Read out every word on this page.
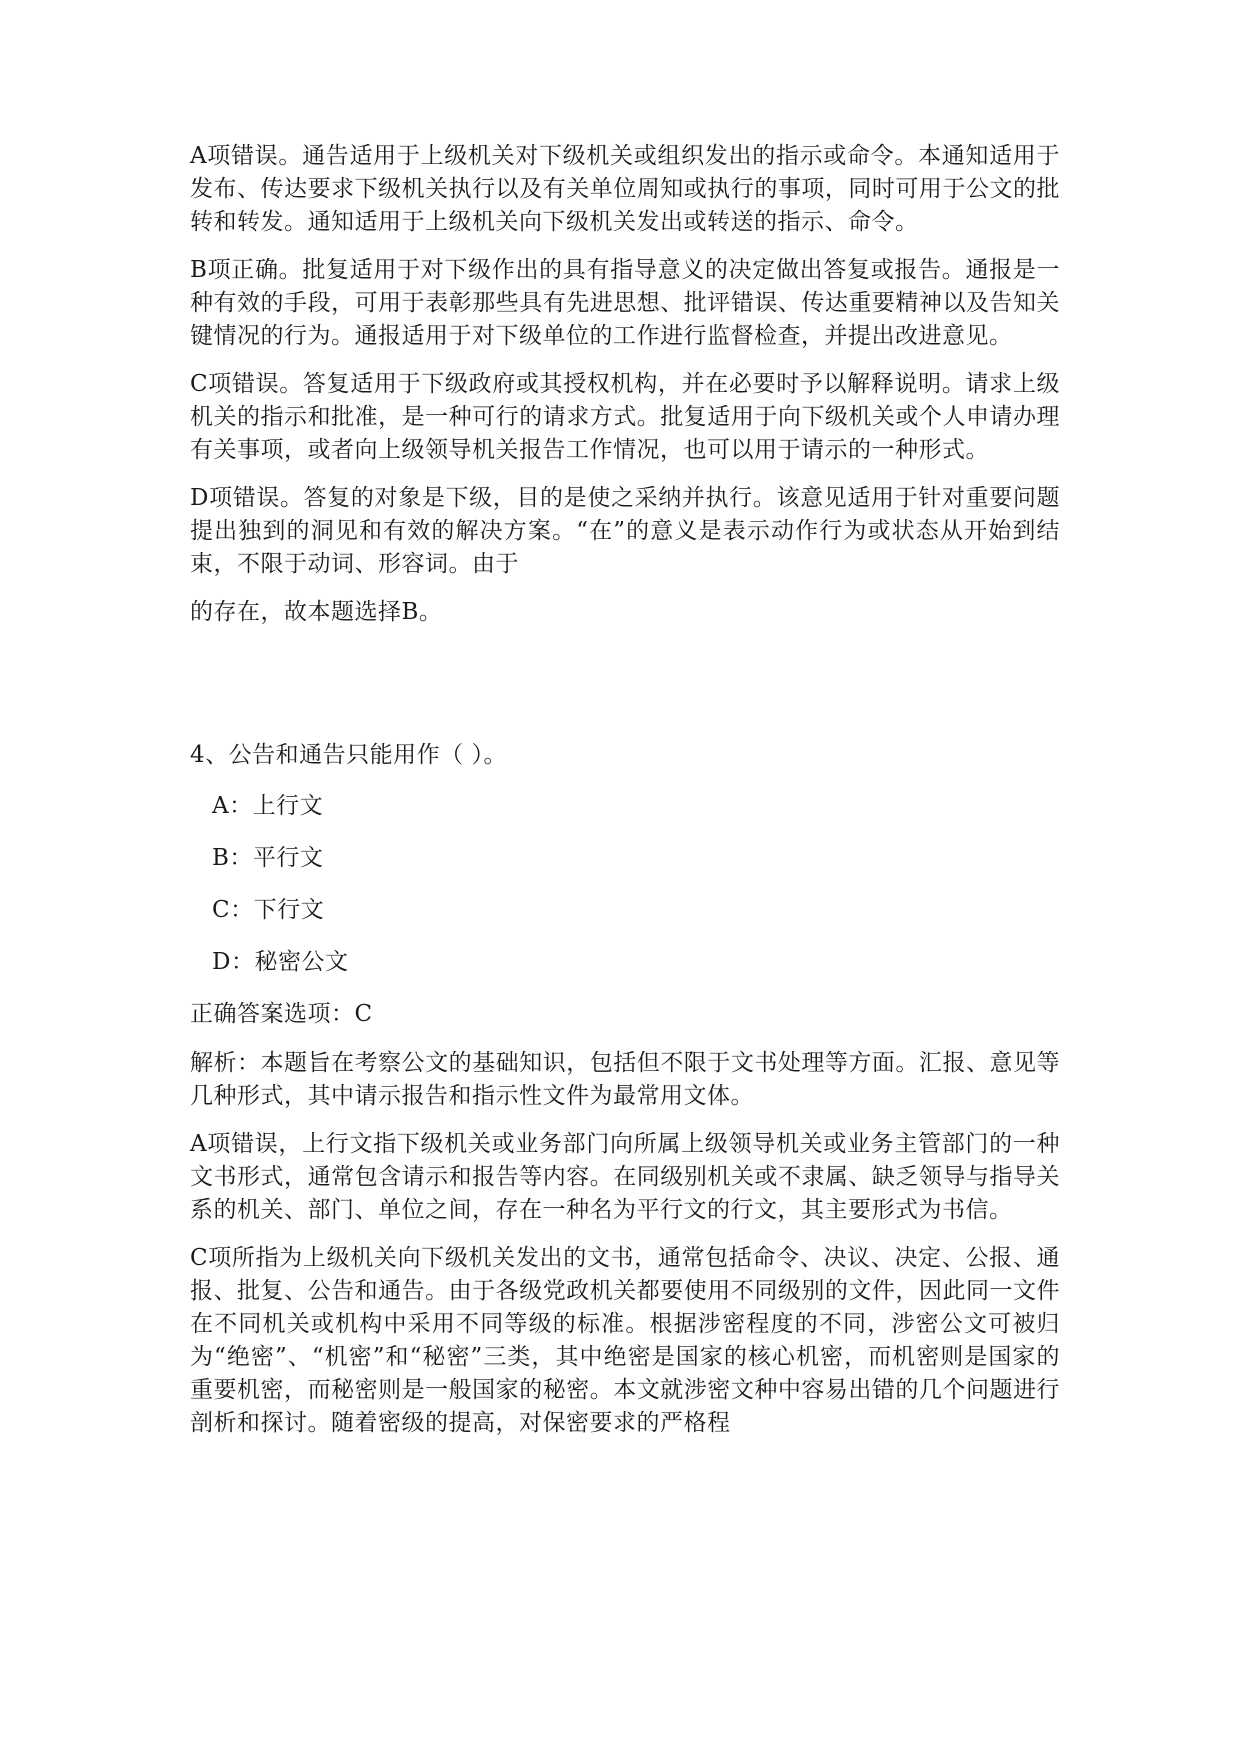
A项错误。通告适用于上级机关对下级机关或组织发出的指示或命令。本通知适用于发布、传达要求下级机关执行以及有关单位周知或执行的事项，同时可用于公文的批转和转发。通知适用于上级机关向下级机关发出或转送的指示、命令。

B项正确。批复适用于对下级作出的具有指导意义的决定做出答复或报告。通报是一种有效的手段，可用于表彰那些具有先进思想、批评错误、传达重要精神以及告知关键情况的行为。通报适用于对下级单位的工作进行监督检查，并提出改进意见。

C项错误。答复适用于下级政府或其授权机构，并在必要时予以解释说明。请求上级机关的指示和批准，是一种可行的请求方式。批复适用于向下级机关或个人申请办理有关事项，或者向上级领导机关报告工作情况，也可以用于请示的一种形式。

D项错误。答复的对象是下级，目的是使之采纳并执行。该意见适用于针对重要问题提出独到的洞见和有效的解决方案。“在”的意义是表示动作行为或状态从开始到结束，不限于动词、形容词。由于

的存在，故本题选择B。

4、公告和通告只能用作（ ）。

A：上行文

B：平行文

C：下行文

D：秘密公文

正确答案选项：C

解析：本题旨在考察公文的基础知识，包括但不限于文书处理等方面。汇报、意见等几种形式，其中请示报告和指示性文件为最常用文体。

A项错误，上行文指下级机关或业务部门向所属上级领导机关或业务主管部门的一种文书形式，通常包含请示和报告等内容。在同级别机关或不隶属、缺乏领导与指导关系的机关、部门、单位之间，存在一种名为平行文的行文，其主要形式为书信。

C项所指为上级机关向下级机关发出的文书，通常包括命令、决议、决定、公报、通报、批复、公告和通告。由于各级党政机关都要使用不同级别的文件，因此同一文件在不同机关或机构中采用不同等级的标准。根据涉密程度的不同，涉密公文可被归为“绝密”、“机密”和“秘密”三类，其中绝密是国家的核心机密，而机密则是国家的重要机密，而秘密则是一般国家的秘密。本文就涉密文种中容易出错的几个问题进行剖析和探讨。随着密级的提高，对保密要求的严格程
